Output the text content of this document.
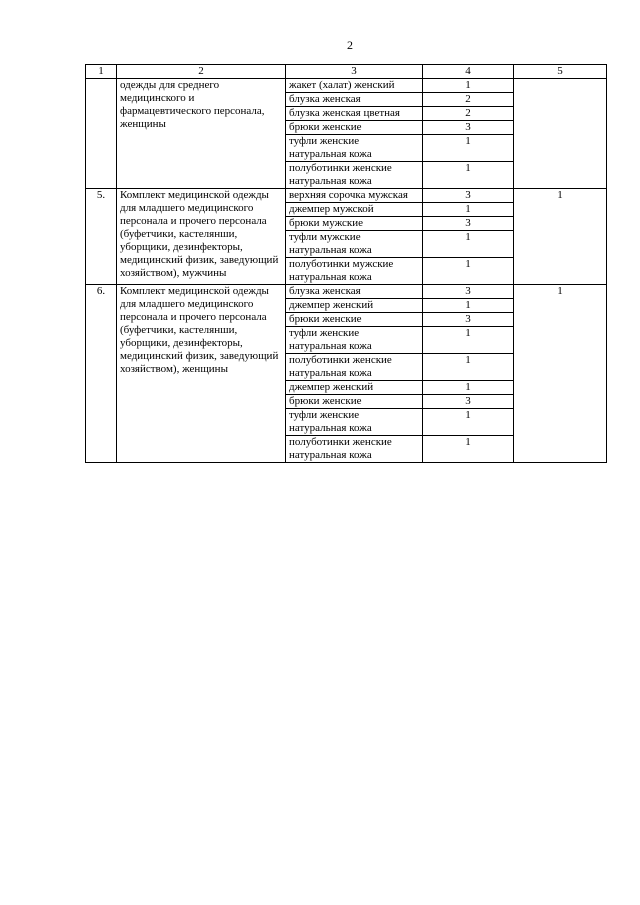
2
1	2	3	4	5
	одежды для среднего медицинского и фармацевтического персонала, женщины	жакет (халат) женский	1	
		блузка женская	2	
		блузка женская цветная	2	
		брюки женские	3	
		туфли женские натуральная кожа	1	
		полуботинки женские натуральная кожа	1	
5.	Комплект медицинской одежды для младшего медицинского персонала и прочего персонала (буфетчики, кастелянши, уборщики, дезинфекторы, медицинский физик, заведующий хозяйством), мужчины	верхняя сорочка мужская	3	1
		джемпер мужской	1	
		брюки мужские	3	
		туфли мужские натуральная кожа	1	
		полуботинки мужские натуральная кожа	1	
6.	Комплект медицинской одежды для младшего медицинского персонала и прочего персонала (буфетчики, кастелянши, уборщики, дезинфекторы, медицинский физик, заведующий хозяйством), женщины	блузка женская	3	1
		джемпер женский	1	
		брюки женские	3	
		туфли женские натуральная кожа	1	
		полуботинки женские натуральная кожа	1	
		джемпер женский	1	
		брюки женские	3	
		туфли женские натуральная кожа	1	
		полуботинки женские натуральная кожа	1	
